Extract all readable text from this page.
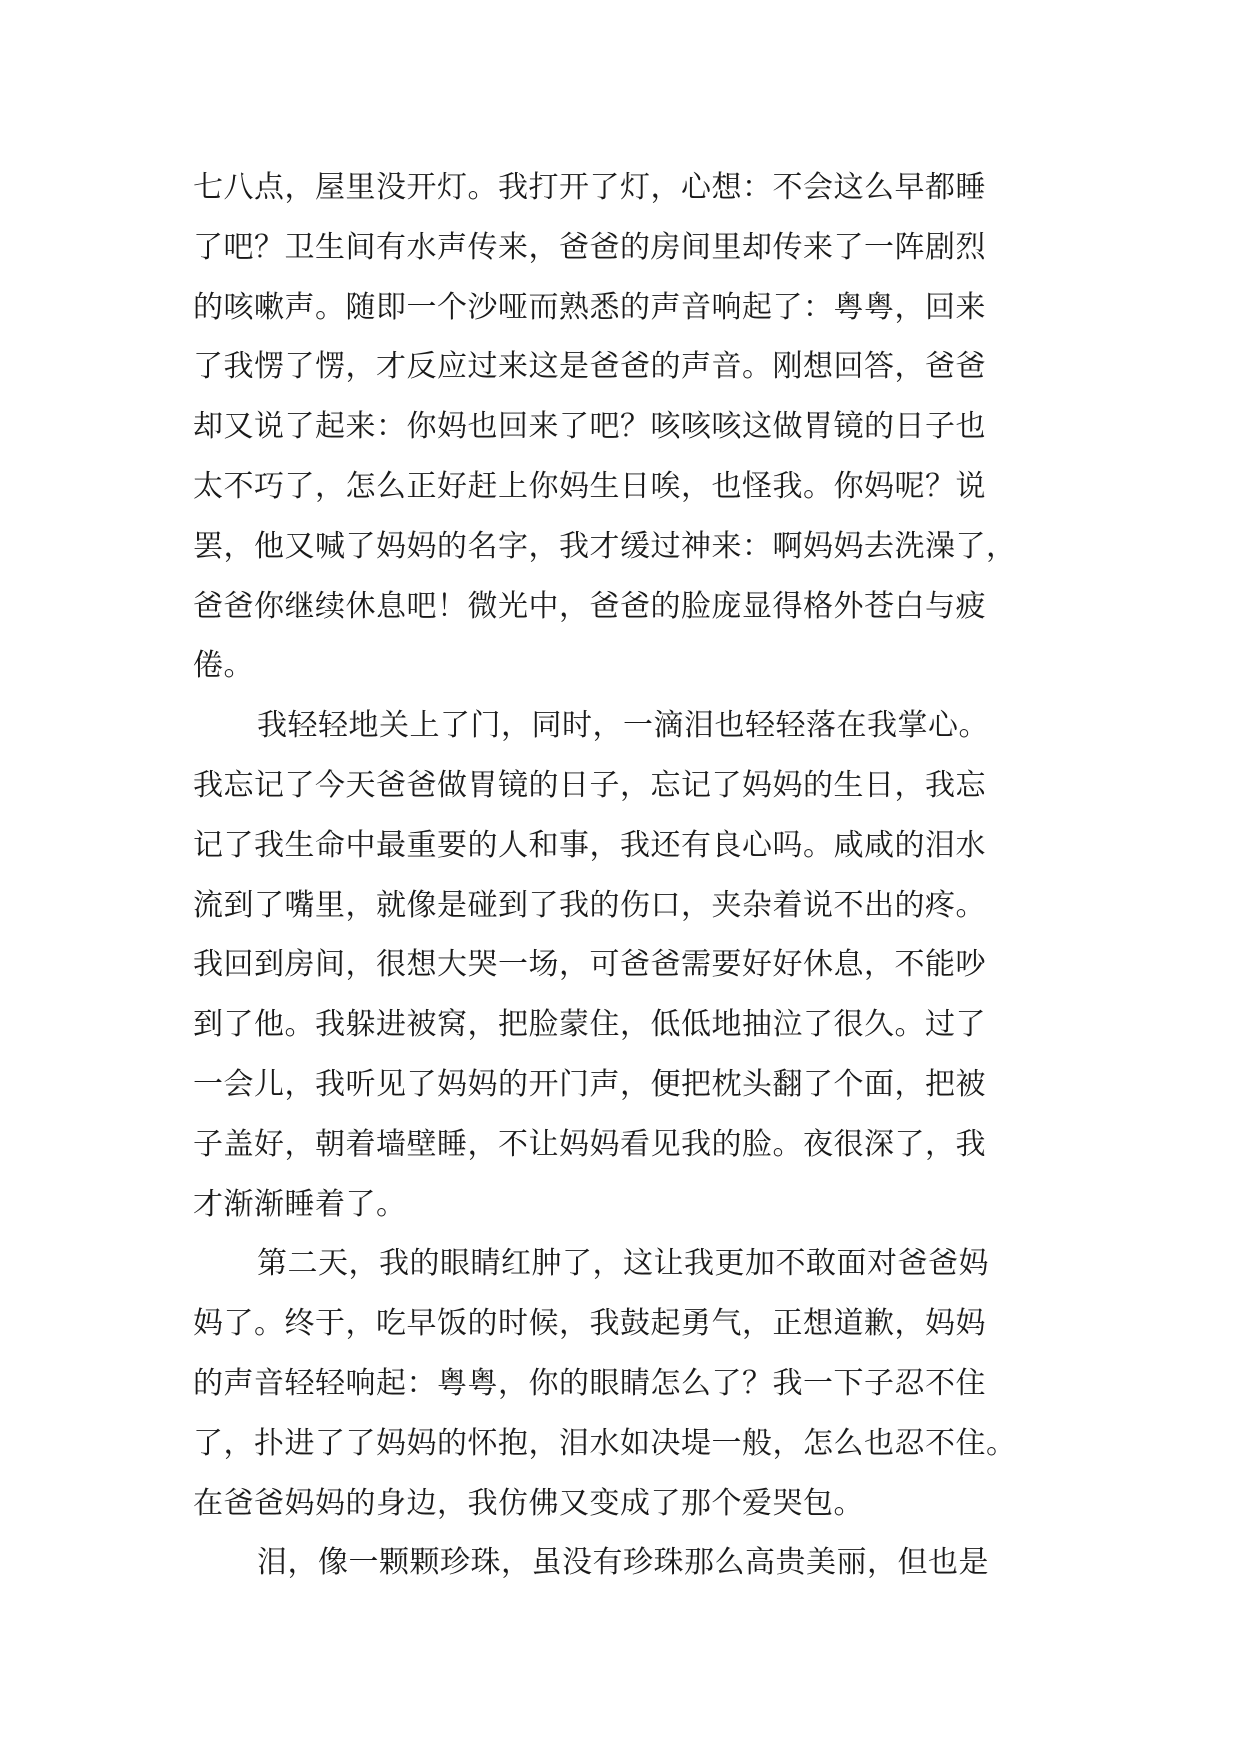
七八点，屋里没开灯。我打开了灯，心想：不会这么早都睡
了吧？卫生间有水声传来，爸爸的房间里却传来了一阵剧烈
的咳嗽声。随即一个沙哑而熟悉的声音响起了：粤粤，回来
了我愣了愣，才反应过来这是爸爸的声音。刚想回答，爸爸
却又说了起来：你妈也回来了吧？咳咳咳这做胃镜的日子也
太不巧了，怎么正好赶上你妈生日唉，也怪我。你妈呢？说
罢，他又喊了妈妈的名字，我才缓过神来：啊妈妈去洗澡了，
爸爸你继续休息吧！微光中，爸爸的脸庞显得格外苍白与疲
倦。
我轻轻地关上了门，同时，一滴泪也轻轻落在我掌心。
我忘记了今天爸爸做胃镜的日子，忘记了妈妈的生日，我忘
记了我生命中最重要的人和事，我还有良心吗。咸咸的泪水
流到了嘴里，就像是碰到了我的伤口，夹杂着说不出的疼。
我回到房间，很想大哭一场，可爸爸需要好好休息，不能吵
到了他。我躲进被窝，把脸蒙住，低低地抽泣了很久。过了
一会儿，我听见了妈妈的开门声，便把枕头翻了个面，把被
子盖好，朝着墙壁睡，不让妈妈看见我的脸。夜很深了，我
才渐渐睡着了。
第二天，我的眼睛红肿了，这让我更加不敢面对爸爸妈
妈了。终于，吃早饭的时候，我鼓起勇气，正想道歉，妈妈
的声音轻轻响起：粤粤，你的眼睛怎么了？我一下子忍不住
了，扑进了了妈妈的怀抱，泪水如决堤一般，怎么也忍不住。
在爸爸妈妈的身边，我仿佛又变成了那个爱哭包。
泪，像一颗颗珍珠，虽没有珍珠那么高贵美丽，但也是
